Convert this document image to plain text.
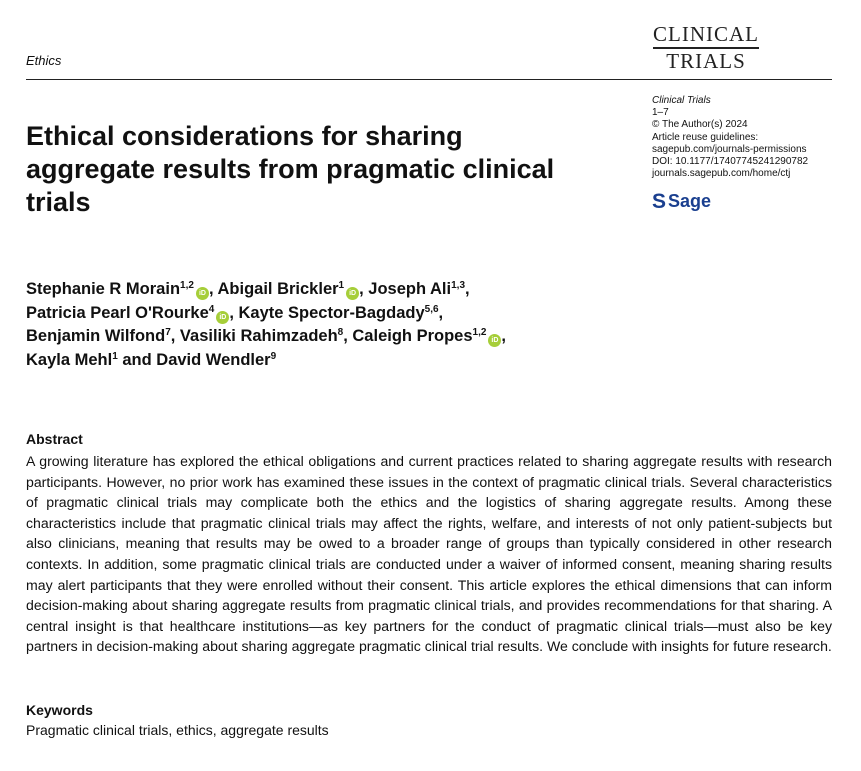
Ethics
CLINICAL
TRIALS
Clinical Trials
1–7
© The Author(s) 2024
Article reuse guidelines:
sagepub.com/journals-permissions
DOI: 10.1177/17407745241290782
journals.sagepub.com/home/ctj
S Sage
Ethical considerations for sharing aggregate results from pragmatic clinical trials
Stephanie R Morain$^{1,2}$iD , Abigail Brickler$^1$iD , Joseph Ali$^{1,3}$,
Patricia Pearl O'Rourke$^4$iD , Kayte Spector-Bagdady$^{5,6}$,
Benjamin Wilfond$^7$, Vasiliki Rahimzadeh$^8$, Caleigh Propes$^{1,2}$iD ,
Kayla Mehl$^1$ and David Wendler$^9$
Abstract

A growing literature has explored the ethical obligations and current practices related to sharing aggregate results with research participants. However, no prior work has examined these issues in the context of pragmatic clinical trials. Several characteristics of pragmatic clinical trials may complicate both the ethics and the logistics of sharing aggregate results. Among these characteristics include that pragmatic clinical trials may affect the rights, welfare, and interests of not only patient-subjects but also clinicians, meaning that results may be owed to a broader range of groups than typically considered in other research contexts. In addition, some pragmatic clinical trials are conducted under a waiver of informed consent, meaning sharing results may alert participants that they were enrolled without their consent. This article explores the ethical dimensions that can inform decision-making about sharing aggregate results from pragmatic clinical trials, and provides recommendations for that sharing. A central insight is that healthcare institutions—as key partners for the conduct of pragmatic clinical trials—must also be key partners in decision-making about sharing aggregate pragmatic clinical trial results. We conclude with insights for future research.

Keywords
Pragmatic clinical trials, ethics, aggregate results
